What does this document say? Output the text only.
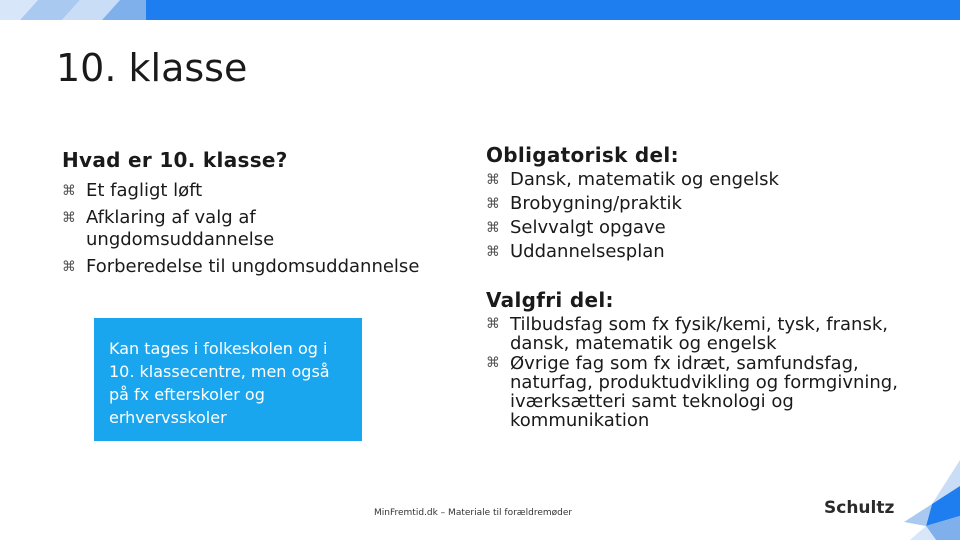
10. klasse
Hvad er 10. klasse?
⌘ Et fagligt løft
⌘ Afklaring af valg af ungdomsuddannelse
⌘ Forberedelse til ungdomsuddannelse
Kan tages i folkeskolen og i 10. klassecentre, men også på fx efterskoler og erhvervsskoler
Obligatorisk del:
⌘ Dansk, matematik og engelsk
⌘ Brobygning/praktik
⌘ Selvvalgt opgave
⌘ Uddannelsesplan
Valgfri del:
⌘ Tilbudsfag som fx fysik/kemi, tysk, fransk, dansk, matematik og engelsk
⌘ Øvrige fag som fx idræt, samfundsfag, naturfag, produktudvikling og formgivning, iværksætteri samt teknologi og kommunikation
MinFremtid.dk – Materiale til forældremøder	Schultz
